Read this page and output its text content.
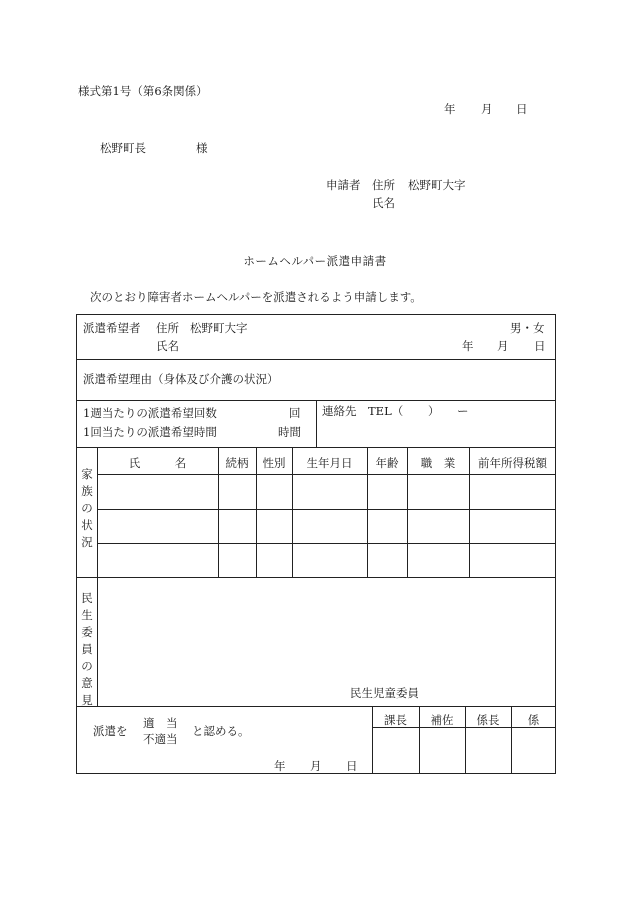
様式第1号（第6条関係）
年 月 日
松野町長	様
申請者 住所 松野町大字
氏名
ホームヘルパー派遣申請書
次のとおり障害者ホームヘルパーを派遣されるよう申請します。
派遣希望者 住所 松野町大字	男・女
氏名	年 月 日
派遣希望理由（身体及び介護の状況）
1週当たりの派遣希望回数	回
1回当たりの派遣希望時間	時間
連絡先 TEL（ ） ー
家族の状況
氏　　　名	続柄	性別	生年月日	年齢	職　業	前年所得税額
民生委員の意見	民生児童委員
派遣を
適　当
不適当
と認める。
年 月 日
課長	補佐	係長	係
